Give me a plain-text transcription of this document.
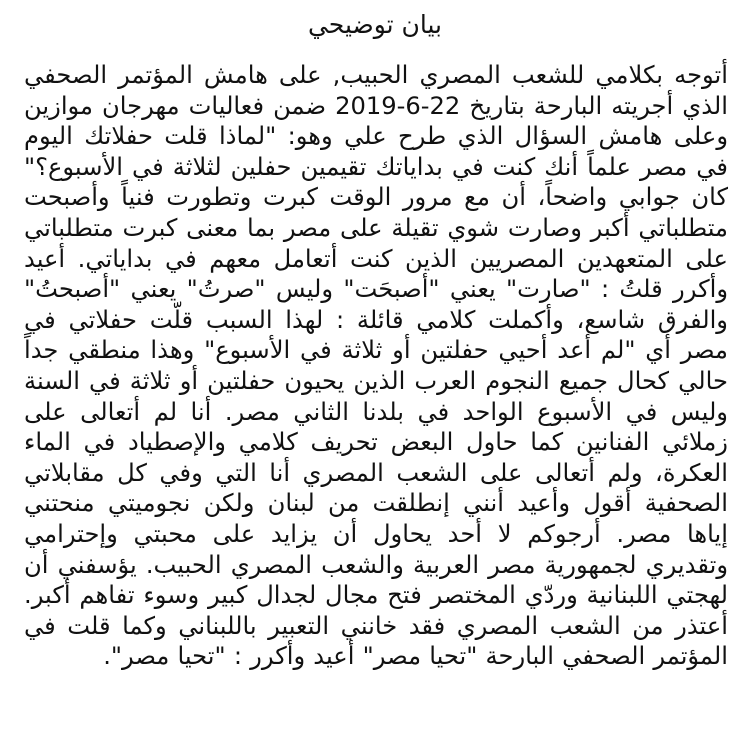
بيان توضيحي

أتوجه بكلامي للشعب المصري الحبيب, على هامش المؤتمر الصحفي الذي أجريته البارحة بتاريخ 22-6-2019 ضمن فعاليات مهرجان موازين وعلى هامش السؤال الذي طرح علي وهو: "لماذا قلت حفلاتك اليوم في مصر علماً أنك كنت في بداياتك تقيمين حفلين لثلاثة في الأسبوع؟" كان جوابي واضحاً، أن مع مرور الوقت كبرت وتطورت فنياً وأصبحت متطلباتي أكبر وصارت شوي تقيلة على مصر بما معنى كبرت متطلباتي على المتعهدين المصريين الذين كنت أتعامل معهم في بداياتي. أعيد وأكرر قلتُ : "صارت" يعني "أصبحَت" وليس "صرتُ" يعني "أصبحتُ" والفرق شاسع، وأكملت كلامي قائلة : لهذا السبب قلّت حفلاتي في مصر أي "لم أعد أحيي حفلتين أو ثلاثة في الأسبوع" وهذا منطقي جداً حالي كحال جميع النجوم العرب الذين يحيون حفلتين أو ثلاثة في السنة وليس في الأسبوع الواحد في بلدنا الثاني مصر. أنا لم أتعالى على زملائي الفنانين كما حاول البعض تحريف كلامي والإصطياد في الماء العكرة، ولم أتعالى على الشعب المصري أنا التي وفي كل مقابلاتي الصحفية أقول وأعيد أنني إنطلقت من لبنان ولكن نجوميتي منحتني إياها مصر. أرجوكم لا أحد يحاول أن يزايد على محبتي وإحترامي وتقديري لجمهورية مصر العربية والشعب المصري الحبيب. يؤسفني أن لهجتي اللبنانية وردّي المختصر فتح مجال لجدال كبير وسوء تفاهم أكبر. أعتذر من الشعب المصري فقد خانني التعبير باللبناني وكما قلت في المؤتمر الصحفي البارحة "تحيا مصر" أعيد وأكرر : "تحيا مصر".
